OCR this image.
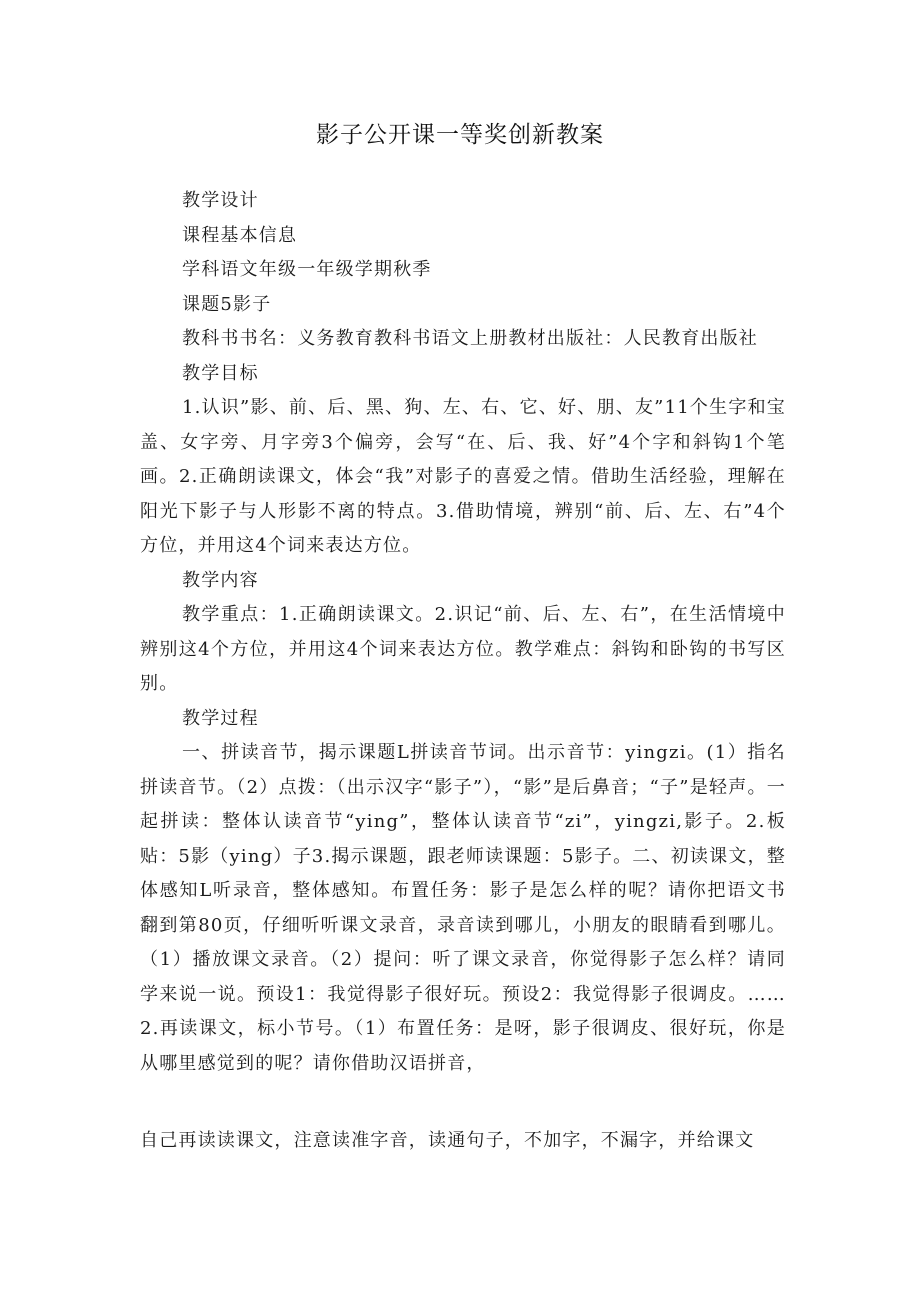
影子公开课一等奖创新教案

教学设计

课程基本信息

学科语文年级一年级学期秋季

课题5影子

教科书书名：义务教育教科书语文上册教材出版社：人民教育出版社

教学目标

1.认识”影、前、后、黑、狗、左、右、它、好、朋、友”11个生字和宝盖、女字旁、月字旁3个偏旁，会写“在、后、我、好”4个字和斜钩1个笔画。2.正确朗读课文，体会“我”对影子的喜爱之情。借助生活经验，理解在阳光下影子与人形影不离的特点。3.借助情境，辨别“前、后、左、右”4个方位，并用这4个词来表达方位。

教学内容

教学重点：1.正确朗读课文。2.识记“前、后、左、右”，在生活情境中辨别这4个方位，并用这4个词来表达方位。教学难点：斜钩和卧钩的书写区别。

教学过程

一、拼读音节，揭示课题L拼读音节词。出示音节：yingzi。(1）指名拼读音节。（2）点拨：（出示汉字“影子”），“影”是后鼻音；“子”是轻声。一起拼读：整体认读音节“ying”，整体认读音节“zi”，yingzi,影子。2.板贴：5影（ying）子3.揭示课题，跟老师读课题：5影子。二、初读课文，整体感知L听录音，整体感知。布置任务：影子是怎么样的呢？请你把语文书翻到第80页，仔细听听课文录音，录音读到哪儿，小朋友的眼睛看到哪儿。（1）播放课文录音。（2）提问：听了课文录音，你觉得影子怎么样？请同学来说一说。预设1：我觉得影子很好玩。预设2：我觉得影子很调皮。……2.再读课文，标小节号。（1）布置任务：是呀，影子很调皮、很好玩，你是从哪里感觉到的呢？请你借助汉语拼音，

自己再读读课文，注意读准字音，读通句子，不加字，不漏字，并给课文
